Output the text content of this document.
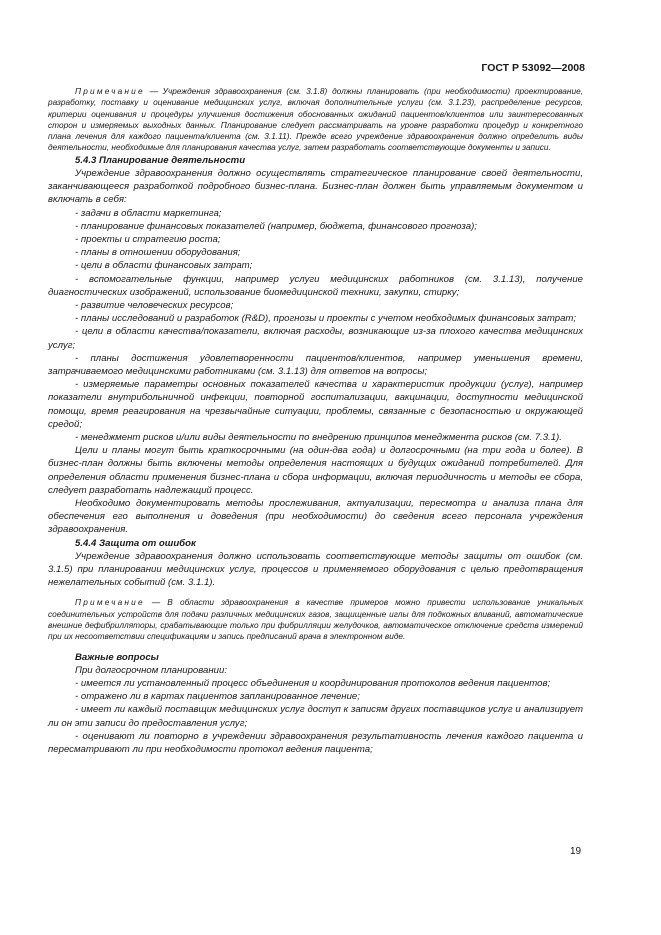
ГОСТ Р 53092—2008

Примечание — Учреждения здравоохранения (см. 3.1.8) должны планировать (при необходимости) проектирование, разработку, поставку и оценивание медицинских услуг, включая дополнительные услуги (см. 3.1.23), распределение ресурсов, критерии оценивания и процедуры улучшения достижения обоснованных ожиданий пациентов/клиентов или заинтересованных сторон и измеряемых выходных данных. Планирование следует рассматривать на уровне разработки процедур и конкретного плана лечения для каждого пациента/клиента (см. 3.1.11). Прежде всего учреждение здравоохранения должно определить виды деятельности, необходимые для планирования качества услуг, затем разработать соответствующие документы и записи.

5.4.3 Планирование деятельности

Учреждение здравоохранения должно осуществлять стратегическое планирование своей деятельности, заканчивающееся разработкой подробного бизнес-плана. Бизнес-план должен быть управляемым документом и включать в себя:

- задачи в области маркетинга;

- планирование финансовых показателей (например, бюджета, финансового прогноза);

- проекты и стратегию роста;

- планы в отношении оборудования;

- цели в области финансовых затрат;

- вспомогательные функции, например услуги медицинских работников (см. 3.1.13), получение диагностических изображений, использование биомедицинской техники, закупки, стирку;

- развитие человеческих ресурсов;

- планы исследований и разработок (R&D), прогнозы и проекты с учетом необходимых финансовых затрат;

- цели в области качества/показатели, включая расходы, возникающие из-за плохого качества медицинских услуг;

- планы достижения удовлетворенности пациентов/клиентов, например уменьшения времени, затрачиваемого медицинскими работниками (см. 3.1.13) для ответов на вопросы;

- измеряемые параметры основных показателей качества и характеристик продукции (услуг), например показатели внутрибольничной инфекции, повторной госпитализации, вакцинации, доступности медицинской помощи, время реагирования на чрезвычайные ситуации, проблемы, связанные с безопасностью и окружающей средой;

- менеджмент рисков и/или виды деятельности по внедрению принципов менеджмента рисков (см. 7.3.1).

Цели и планы могут быть краткосрочными (на один-два года) и долгосрочными (на три года и более). В бизнес-план должны быть включены методы определения настоящих и будущих ожиданий потребителей. Для определения области применения бизнес-плана и сбора информации, включая периодичность и методы ее сбора, следует разработать надлежащий процесс.

Необходимо документировать методы прослеживания, актуализации, пересмотра и анализа плана для обеспечения его выполнения и доведения (при необходимости) до сведения всего персонала учреждения здравоохранения.

5.4.4 Защита от ошибок

Учреждение здравоохранения должно использовать соответствующие методы защиты от ошибок (см. 3.1.5) при планировании медицинских услуг, процессов и применяемого оборудования с целью предотвращения нежелательных событий (см. 3.1.1).

Примечание — В области здравоохранения в качестве примеров можно привести использование уникальных соединительных устройств для подачи различных медицинских газов, защищенные иглы для подкожных вливаний, автоматические внешние дефибрилляторы, срабатывающие только при фибрилляции желудочков, автоматическое отключение средств измерений при их несоответствии спецификациям и запись предписаний врача в электронном виде.

Важные вопросы

При долгосрочном планировании:

- имеется ли установленный процесс объединения и координирования протоколов ведения пациентов;

- отражено ли в картах пациентов запланированное лечение;

- имеет ли каждый поставщик медицинских услуг доступ к записям других поставщиков услуг и анализирует ли он эти записи до предоставления услуг;

- оценивают ли повторно в учреждении здравоохранения результативность лечения каждого пациента и пересматривают ли при необходимости протокол ведения пациента;

19
